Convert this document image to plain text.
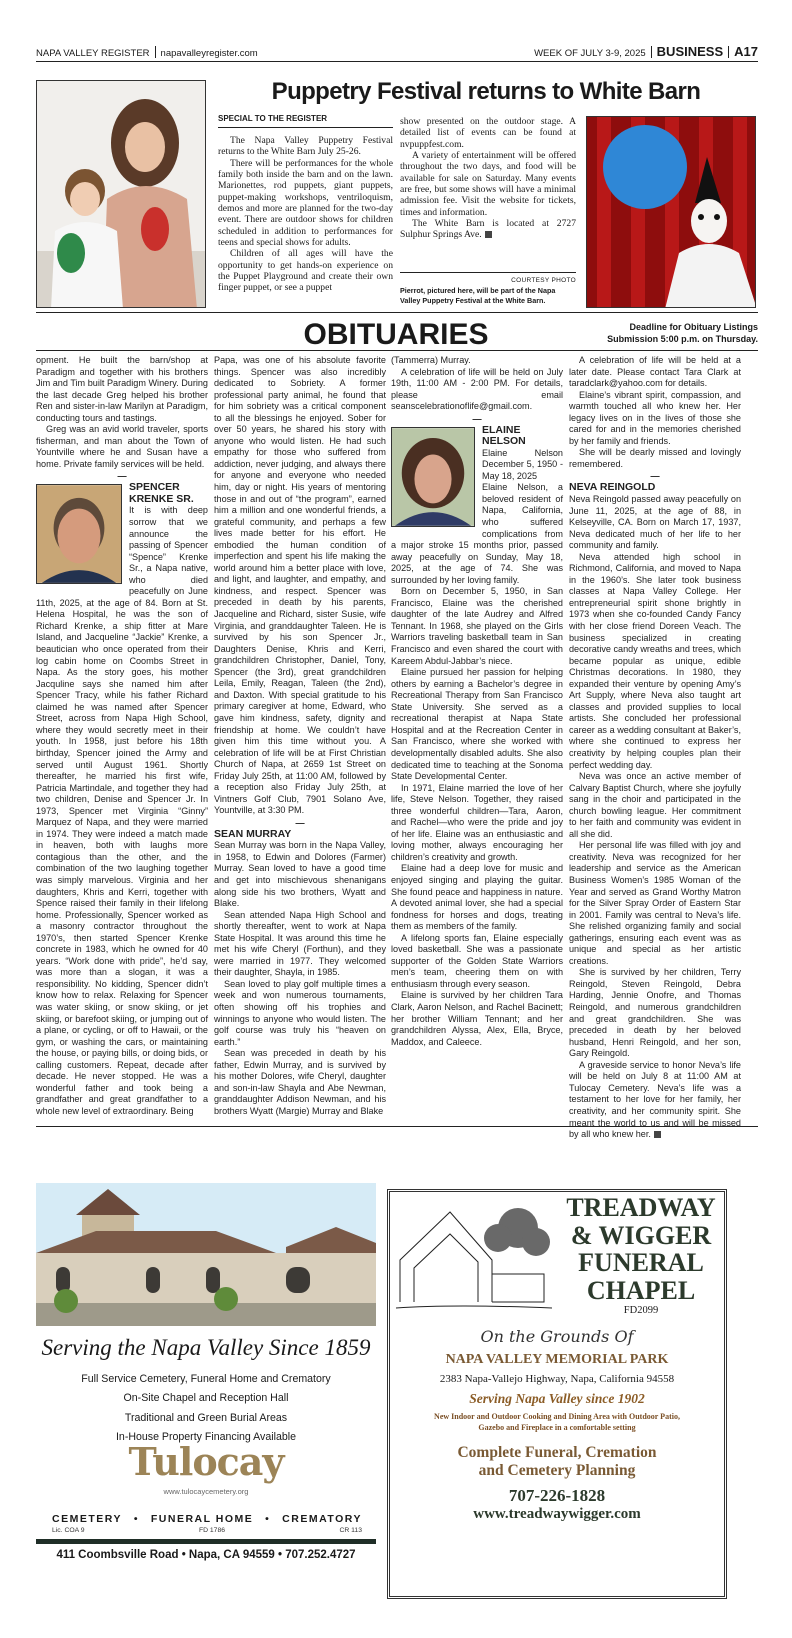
NAPA VALLEY REGISTER napavalleyregister.com	WEEK OF JULY 3-9, 2025 BUSINESS A17
Puppetry Festival returns to White Barn
SPECIAL TO THE REGISTER

The Napa Valley Puppetry Festival returns to the White Barn July 25-26.

There will be performances for the whole family both inside the barn and on the lawn. Marionettes, rod puppets, giant puppets, puppet-making workshops, ventriloquism, demos and more are planned for the two-day event. There are outdoor shows for children scheduled in addition to performances for teens and special shows for adults.

Children of all ages will have the opportunity to get hands-on experience on the Puppet Playground and create their own finger puppet, or see a puppet

show presented on the outdoor stage. A detailed list of events can be found at nvpuppfest.com.

A variety of entertainment will be offered throughout the two days, and food will be available for sale on Saturday. Many events are free, but some shows will have a minimal admission fee. Visit the website for tickets, times and information.

The White Barn is located at 2727 Sulphur Springs Ave.

COURTESY PHOTO
Pierrot, pictured here, will be part of the Napa Valley Puppetry Festival at the White Barn.
OBITUARIES	Deadline for Obituary Listings
Submission 5:00 p.m. on Thursday.

opment. He built the barn/shop at Paradigm and together with his brothers Jim and Tim built Paradigm Winery. During the last decade Greg helped his brother Ren and sister-in-law Marilyn at Paradigm, conducting tours and tastings.

Greg was an avid world traveler, sports fisherman, and man about the Town of Yountville where he and Susan have a home. Private family services will be held.

—
SPENCER KRENKE SR.

It is with deep sorrow that we announce the passing of Spencer “Spence” Krenke Sr., a Napa native, who died peacefully on June 11th, 2025, at the age of 84. Born at St. Helena Hospital, he was the son of Richard Krenke, a ship fitter at Mare Island, and Jacqueline “Jackie” Krenke, a beautician who once operated from their log cabin home on Coombs Street in Napa. As the story goes, his mother Jacquline says she named him after Spencer Tracy, while his father Richard claimed he was named after Spencer Street, across from Napa High School, where they would secretly meet in their youth. In 1958, just before his 18th birthday, Spencer joined the Army and served until August 1961. Shortly thereafter, he married his first wife, Patricia Martindale, and together they had two children, Denise and Spencer Jr. In 1973, Spencer met Virginia “Ginny” Marquez of Napa, and they were married in 1974. They were indeed a match made in heaven, both with laughs more contagious than the other, and the combination of the two laughing together was simply marvelous. Virginia and her daughters, Khris and Kerri, together with Spence raised their family in their lifelong home. Professionally, Spencer worked as a masonry contractor throughout the 1970’s, then started Spencer Krenke concrete in 1983, which he owned for 40 years. “Work done with pride”, he’d say, was more than a slogan, it was a responsibility. No kidding, Spencer didn’t know how to relax. Relaxing for Spencer was water skiing, or snow skiing, or jet skiing, or barefoot skiing, or jumping out of a plane, or cycling, or off to Hawaii, or the gym, or washing the cars, or maintaining the house, or paying bills, or doing bids, or calling customers. Repeat, decade after decade. He never stopped. He was a wonderful father and took being a grandfather and great grandfather to a whole new level of extraordinary. Being

Papa, was one of his absolute favorite things. Spencer was also incredibly dedicated to Sobriety. A former professional party animal, he found that for him sobriety was a critical component to all the blessings he enjoyed. Sober for over 50 years, he shared his story with anyone who would listen. He had such empathy for those who suffered from addiction, never judging, and always there for anyone and everyone who needed him, day or night. His years of mentoring those in and out of “the program”, earned him a million and one wonderful friends, a grateful community, and perhaps a few lives made better for his effort. He embodied the human condition of imperfection and spent his life making the world around him a better place with love, and light, and laughter, and empathy, and kindness, and respect. Spencer was preceded in death by his parents, Jacqueline and Richard, sister Susie, wife Virginia, and granddaughter Taleen. He is survived by his son Spencer Jr., Daughters Denise, Khris and Kerri, grandchildren Christopher, Daniel, Tony, Spencer (the 3rd), great grandchildren Leila, Emily, Reagan, Taleen (the 2nd), and Daxton. With special gratitude to his primary caregiver at home, Edward, who gave him kindness, safety, dignity and friendship at home. We couldn’t have given him this time without you. A celebration of life will be at First Christian Church of Napa, at 2659 1st Street on Friday July 25th, at 11:00 AM, followed by a reception also Friday July 25th, at Vintners Golf Club, 7901 Solano Ave, Yountville, at 3:30 PM.

—
SEAN MURRAY

Sean Murray was born in the Napa Valley, in 1958, to Edwin and Dolores (Farmer) Murray. Sean loved to have a good time and get into mischievous shenanigans along side his two brothers, Wyatt and Blake.

Sean attended Napa High School and shortly thereafter, went to work at Napa State Hospital. It was around this time he met his wife Cheryl (Forthun), and they were married in 1977. They welcomed their daughter, Shayla, in 1985.

Sean loved to play golf multiple times a week and won numerous tournaments, often showing off his trophies and winnings to anyone who would listen. The golf course was truly his “heaven on earth.”

Sean was preceded in death by his father, Edwin Murray, and is survived by his mother Dolores, wife Cheryl, daughter and son-in-law Shayla and Abe Newman, granddaughter Addison Newman, and his brothers Wyatt (Margie) Murray and Blake

(Tammerra) Murray.

A celebration of life will be held on July 19th, 11:00 AM - 2:00 PM. For details, please email seanscelebrationoflife@gmail.com.

—
ELAINE NELSON

Elaine Nelson December 5, 1950 - May 18, 2025

Elaine Nelson, a beloved resident of Napa, California, who suffered complications from a major stroke 15 months prior, passed away peacefully on Sunday, May 18, 2025, at the age of 74. She was surrounded by her loving family.

Born on December 5, 1950, in San Francisco, Elaine was the cherished daughter of the late Audrey and Alfred Tennant. In 1968, she played on the Girls Warriors traveling basketball team in San Francisco and even shared the court with Kareem Abdul-Jabbar’s niece.

Elaine pursued her passion for helping others by earning a Bachelor’s degree in Recreational Therapy from San Francisco State University. She served as a recreational therapist at Napa State Hospital and at the Recreation Center in San Francisco, where she worked with developmentally disabled adults. She also dedicated time to teaching at the Sonoma State Developmental Center.

In 1971, Elaine married the love of her life, Steve Nelson. Together, they raised three wonderful children—Tara, Aaron, and Rachel—who were the pride and joy of her life. Elaine was an enthusiastic and loving mother, always encouraging her children’s creativity and growth.

Elaine had a deep love for music and enjoyed singing and playing the guitar. She found peace and happiness in nature. A devoted animal lover, she had a special fondness for horses and dogs, treating them as members of the family.

A lifelong sports fan, Elaine especially loved basketball. She was a passionate supporter of the Golden State Warriors men’s team, cheering them on with enthusiasm through every season.

Elaine is survived by her children Tara Clark, Aaron Nelson, and Rachel Bacinett; her brother William Tennant; and her grandchildren Alyssa, Alex, Ella, Bryce, Maddox, and Caleece.

A celebration of life will be held at a later date. Please contact Tara Clark at taradclark@yahoo.com for details.

Elaine’s vibrant spirit, compassion, and warmth touched all who knew her. Her legacy lives on in the lives of those she cared for and in the memories cherished by her family and friends.

She will be dearly missed and lovingly remembered.

—
NEVA REINGOLD

Neva Reingold passed away peacefully on June 11, 2025, at the age of 88, in Kelseyville, CA. Born on March 17, 1937, Neva dedicated much of her life to her community and family.

Neva attended high school in Richmond, California, and moved to Napa in the 1960’s. She later took business classes at Napa Valley College. Her entrepreneurial spirit shone brightly in 1973 when she co-founded Candy Fancy with her close friend Doreen Veach. The business specialized in creating decorative candy wreaths and trees, which became popular as unique, edible Christmas decorations. In 1980, they expanded their venture by opening Amy’s Art Supply, where Neva also taught art classes and provided supplies to local artists. She concluded her professional career as a wedding consultant at Baker’s, where she continued to express her creativity by helping couples plan their perfect wedding day.

Neva was once an active member of Calvary Baptist Church, where she joyfully sang in the choir and participated in the church bowling league. Her commitment to her faith and community was evident in all she did.

Her personal life was filled with joy and creativity. Neva was recognized for her leadership and service as the American Business Women’s 1985 Woman of the Year and served as Grand Worthy Matron for the Silver Spray Order of Eastern Star in 2001. Family was central to Neva’s life. She relished organizing family and social gatherings, ensuring each event was as unique and special as her artistic creations.

She is survived by her children, Terry Reingold, Steven Reingold, Debra Harding, Jennie Onofre, and Thomas Reingold, and numerous grandchildren and great grandchildren. She was preceded in death by her beloved husband, Henri Reingold, and her son, Gary Reingold.

A graveside service to honor Neva’s life will be held on July 8 at 11:00 AM at Tulocay Cemetery. Neva’s life was a testament to her love for her family, her creativity, and her community spirit. She meant the world to us and will be missed by all who knew her.

Serving the Napa Valley Since 1859
Full Service Cemetery, Funeral Home and Crematory
On-Site Chapel and Reception Hall
Traditional and Green Burial Areas
In-House Property Financing Available
Tulocay
www.tulocaycemetery.org
CEMETERY • FUNERAL HOME • CREMATORY
Lic. COA 9	FD 1786	CR 113
411 Coombsville Road • Napa, CA 94559 • 707.252.4727
TREADWAY
& WIGGER
FUNERAL
CHAPEL
FD2099
On the Grounds Of
NAPA VALLEY MEMORIAL PARK
2383 Napa-Vallejo Highway, Napa, California 94558
Serving Napa Valley since 1902
New Indoor and Outdoor Cooking and Dining Area with Outdoor Patio,
Gazebo and Fireplace in a comfortable setting
Complete Funeral, Cremation
and Cemetery Planning
707-226-1828
www.treadwaywigger.com
